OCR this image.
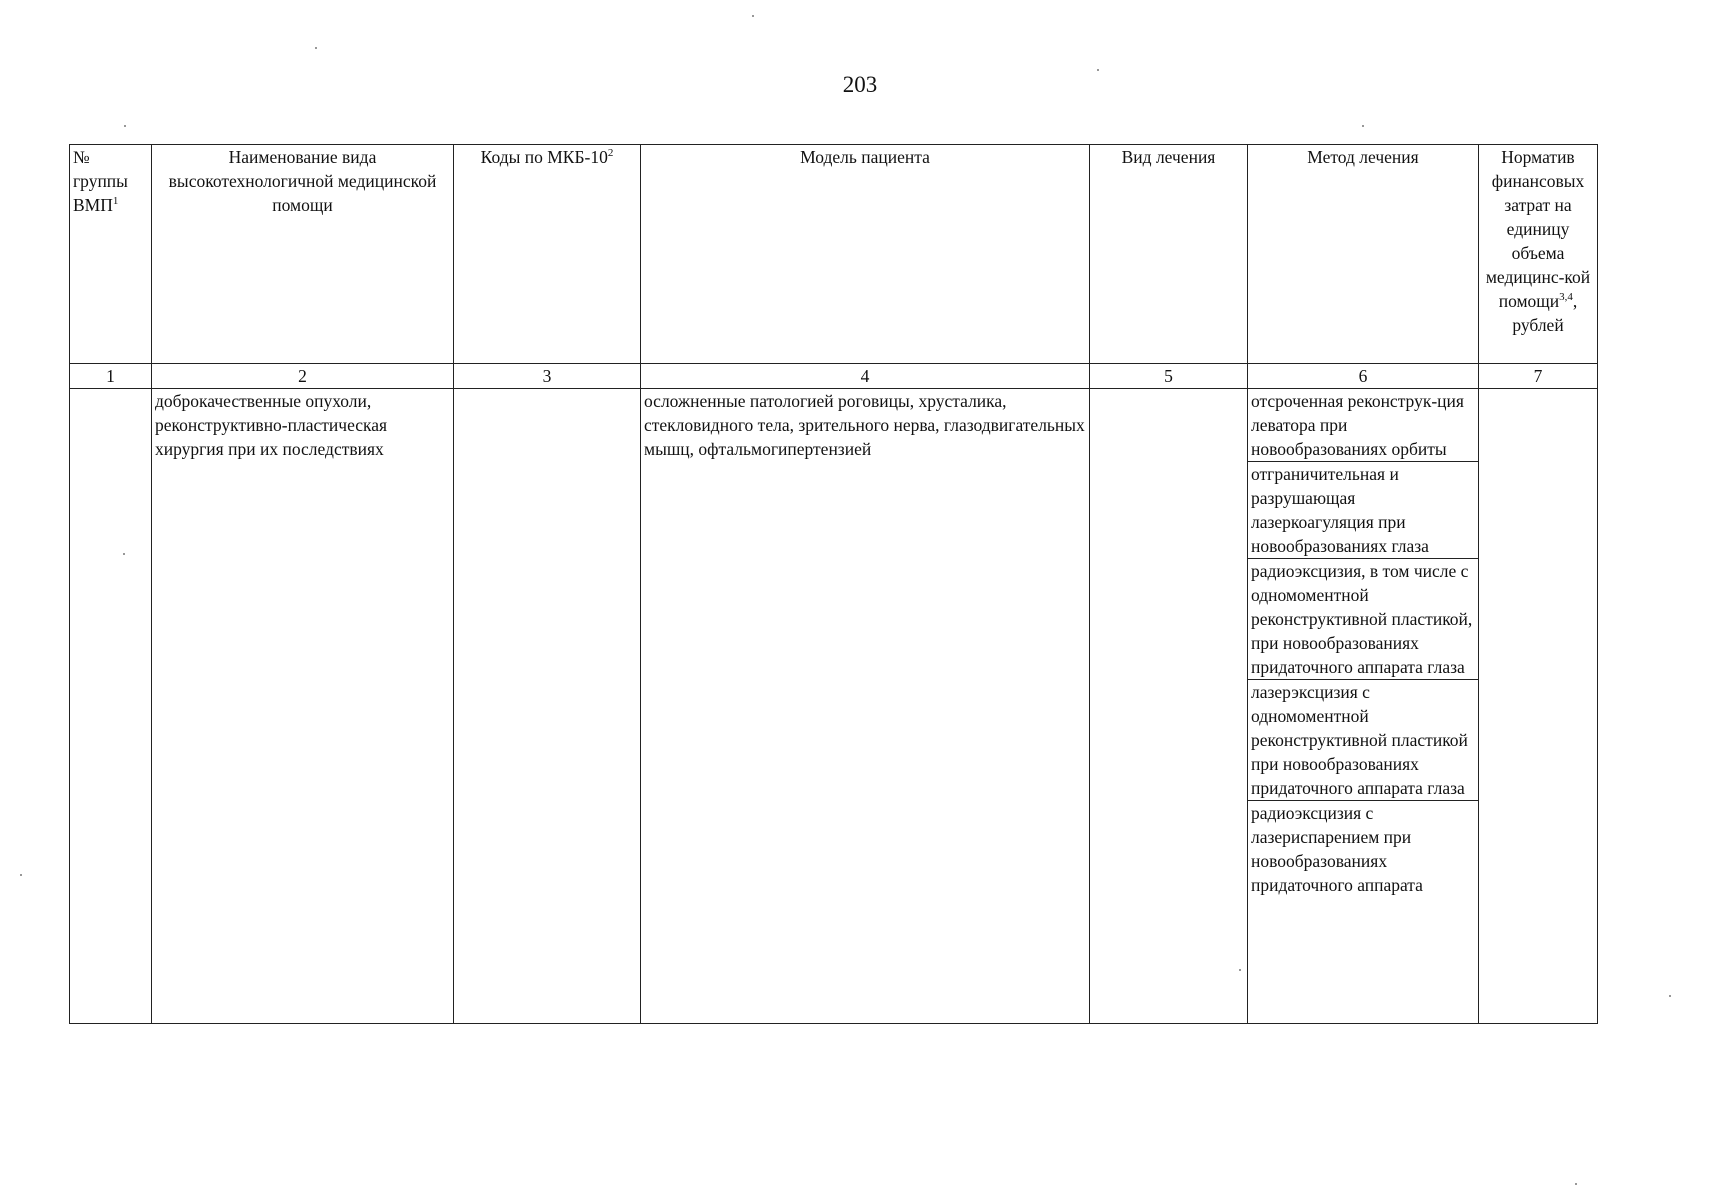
203
№ группы ВМП$^1$	Наименование вида высокотехнологичной медицинской помощи	Коды по МКБ-$10^2$	Модель пациента	Вид лечения	Метод лечения	Норматив финансовых затрат на единицу объема медицинс-кой помощи$^{3,4}$, рублей
1	2	3	4	5	6	7
	доброкачественные опухоли, реконструктивно-пластическая хирургия при их последствиях		осложненные патологией роговицы, хрусталика, стекловидного тела, зрительного нерва, глазодвигательных мышц, офтальмогипертензией		отсроченная реконструк-ция леватора при новообразованиях орбиты
отграничительная и разрушающая лазеркоагуляция при новообразованиях глаза
радиоэксцизия, в том числе с одномоментной реконструктивной пластикой, при новообразованиях придаточного аппарата глаза
лазерэксцизия с одномоментной реконструктивной пластикой при новообразованиях придаточного аппарата глаза
радиоэксцизия с лазериспарением при новообразованиях придаточного аппарата	
